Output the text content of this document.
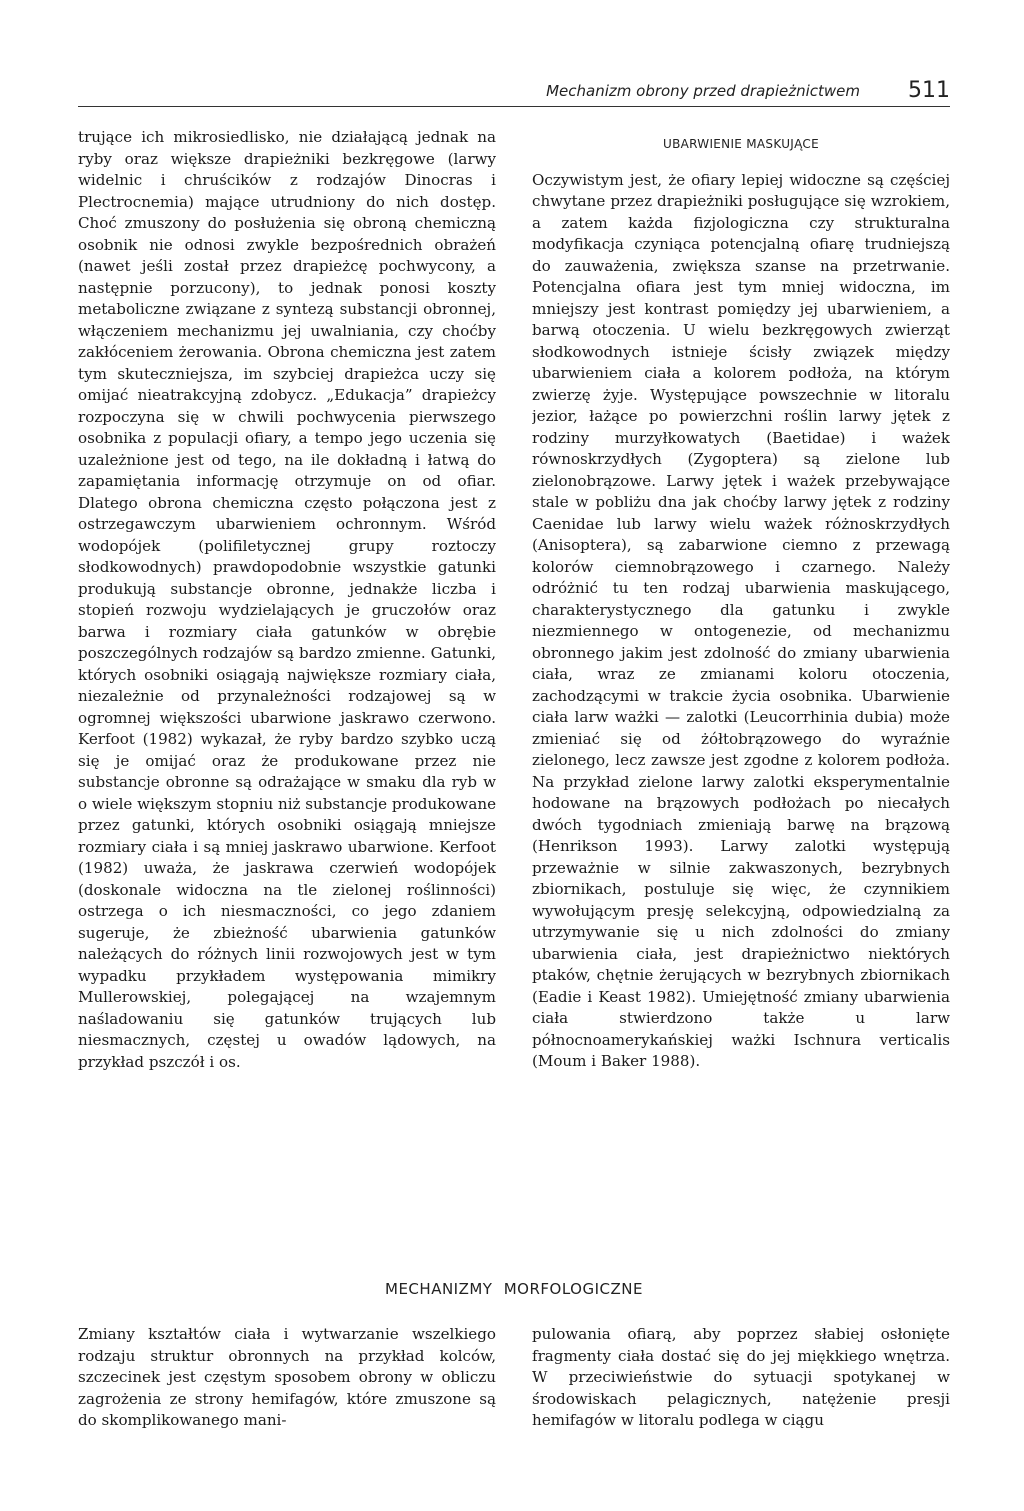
Mechanizm obrony przed drapieżnictwem 511

trujące ich mikrosiedlisko, nie działającą jednak na ryby oraz większe drapieżniki bezkręgowe (larwy widelnic i chruścików z rodzajów Dinocras i Plectrocnemia) mające utrudniony do nich dostęp. Choć zmuszony do posłużenia się obroną chemiczną osobnik nie odnosi zwykle bezpośrednich obrażeń (nawet jeśli został przez drapieżcę pochwycony, a następnie porzucony), to jednak ponosi koszty metaboliczne związane z syntezą substancji obronnej, włączeniem mechanizmu jej uwalniania, czy choćby zakłóceniem żerowania. Obrona chemiczna jest zatem tym skuteczniejsza, im szybciej drapieżca uczy się omijać nieatrakcyjną zdobycz. „Edukacja” drapieżcy rozpoczyna się w chwili pochwycenia pierwszego osobnika z populacji ofiary, a tempo jego uczenia się uzależnione jest od tego, na ile dokładną i łatwą do zapamiętania informację otrzymuje on od ofiar. Dlatego obrona chemiczna często połączona jest z ostrzegawczym ubarwieniem ochronnym. Wśród wodopójek (polifiletycznej grupy roztoczy słodkowodnych) prawdopodobnie wszystkie gatunki produkują substancje obronne, jednakże liczba i stopień rozwoju wydzielających je gruczołów oraz barwa i rozmiary ciała gatunków w obrębie poszczególnych rodzajów są bardzo zmienne. Gatunki, których osobniki osiągają największe rozmiary ciała, niezależnie od przynależności rodzajowej są w ogromnej większości ubarwione jaskrawo czerwono. Kerfoot (1982) wykazał, że ryby bardzo szybko uczą się je omijać oraz że produkowane przez nie substancje obronne są odrażające w smaku dla ryb w o wiele większym stopniu niż substancje produkowane przez gatunki, których osobniki osiągają mniejsze rozmiary ciała i są mniej jaskrawo ubarwione. Kerfoot (1982) uważa, że jaskrawa czerwień wodopójek (doskonale widoczna na tle zielonej roślinności) ostrzega o ich niesmaczności, co jego zdaniem sugeruje, że zbieżność ubarwienia gatunków należących do różnych linii rozwojowych jest w tym wypadku przykładem występowania mimikry Mullerowskiej, polegającej na wzajemnym naśladowaniu się gatunków trujących lub niesmacznych, częstej u owadów lądowych, na przykład pszczół i os.

UBARWIENIE MASKUJĄCE

Oczywistym jest, że ofiary lepiej widoczne są częściej chwytane przez drapieżniki posługujące się wzrokiem, a zatem każda fizjologiczna czy strukturalna modyfikacja czyniąca potencjalną ofiarę trudniejszą do zauważenia, zwiększa szanse na przetrwanie. Potencjalna ofiara jest tym mniej widoczna, im mniejszy jest kontrast pomiędzy jej ubarwieniem, a barwą otoczenia. U wielu bezkręgowych zwierząt słodkowodnych istnieje ścisły związek między ubarwieniem ciała a kolorem podłoża, na którym zwierzę żyje. Występujące powszechnie w litoralu jezior, łażące po powierzchni roślin larwy jętek z rodziny murzyłkowatych (Baetidae) i ważek równoskrzydłych (Zygoptera) są zielone lub zielonobrązowe. Larwy jętek i ważek przebywające stale w pobliżu dna jak choćby larwy jętek z rodziny Caenidae lub larwy wielu ważek różnoskrzydłych (Anisoptera), są zabarwione ciemno z przewagą kolorów ciemnobrązowego i czarnego. Należy odróżnić tu ten rodzaj ubarwienia maskującego, charakterystycznego dla gatunku i zwykle niezmiennego w ontogenezie, od mechanizmu obronnego jakim jest zdolność do zmiany ubarwienia ciała, wraz ze zmianami koloru otoczenia, zachodzącymi w trakcie życia osobnika. Ubarwienie ciała larw ważki — zalotki (Leucorrhinia dubia) może zmieniać się od żółtobrązowego do wyraźnie zielonego, lecz zawsze jest zgodne z kolorem podłoża. Na przykład zielone larwy zalotki eksperymentalnie hodowane na brązowych podłożach po niecałych dwóch tygodniach zmieniają barwę na brązową (Henrikson 1993). Larwy zalotki występują przeważnie w silnie zakwaszonych, bezrybnych zbiornikach, postuluje się więc, że czynnikiem wywołującym presję selekcyjną, odpowiedzialną za utrzymywanie się u nich zdolności do zmiany ubarwienia ciała, jest drapieżnictwo niektórych ptaków, chętnie żerujących w bezrybnych zbiornikach (Eadie i Keast 1982). Umiejętność zmiany ubarwienia ciała stwierdzono także u larw północnoamerykańskiej ważki Ischnura verticalis (Moum i Baker 1988).

MECHANIZMY MORFOLOGICZNE

Zmiany kształtów ciała i wytwarzanie wszelkiego rodzaju struktur obronnych na przykład kolców, szczecinek jest częstym sposobem obrony w obliczu zagrożenia ze strony hemifagów, które zmuszone są do skomplikowanego mani-

pulowania ofiarą, aby poprzez słabiej osłonięte fragmenty ciała dostać się do jej miękkiego wnętrza. W przeciwieństwie do sytuacji spotykanej w środowiskach pelagicznych, natężenie presji hemifagów w litoralu podlega w ciągu
